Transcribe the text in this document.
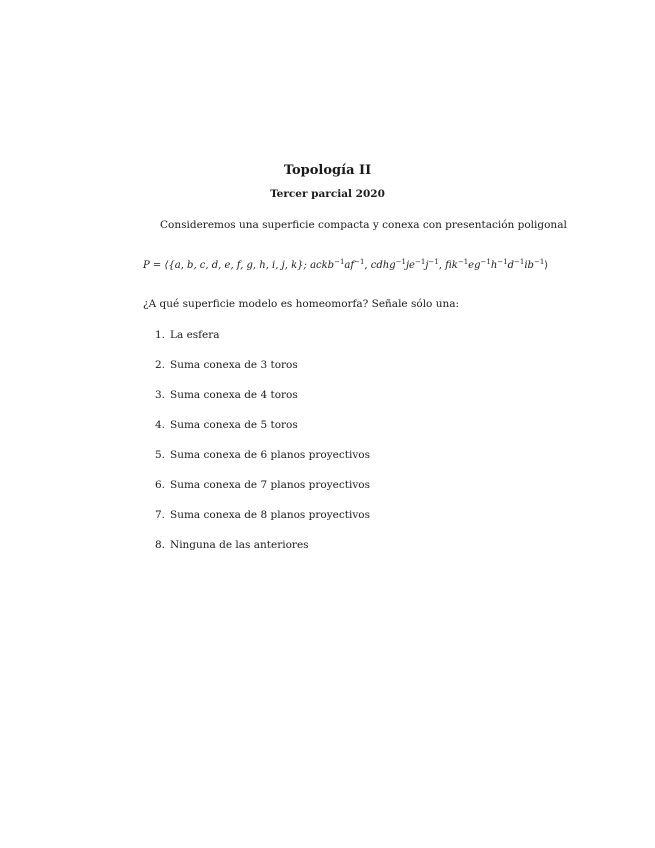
Topología II
Tercer parcial 2020
Consideremos una superficie compacta y conexa con presentación poligonal
P = ⟨{a, b, c, d, e, f, g, h, i, j, k}; $ackb^{-1}af^{-1}$, $cdhg^{-1}je^{-1}j^{-1}$, $fik^{-1}eg^{-1}h^{-1}d^{-1}ib^{-1}⟩$
¿A qué superficie modelo es homeomorfa? Señale sólo una:
1. La esfera
2. Suma conexa de 3 toros
3. Suma conexa de 4 toros
4. Suma conexa de 5 toros
5. Suma conexa de 6 planos proyectivos
6. Suma conexa de 7 planos proyectivos
7. Suma conexa de 8 planos proyectivos
8. Ninguna de las anteriores
